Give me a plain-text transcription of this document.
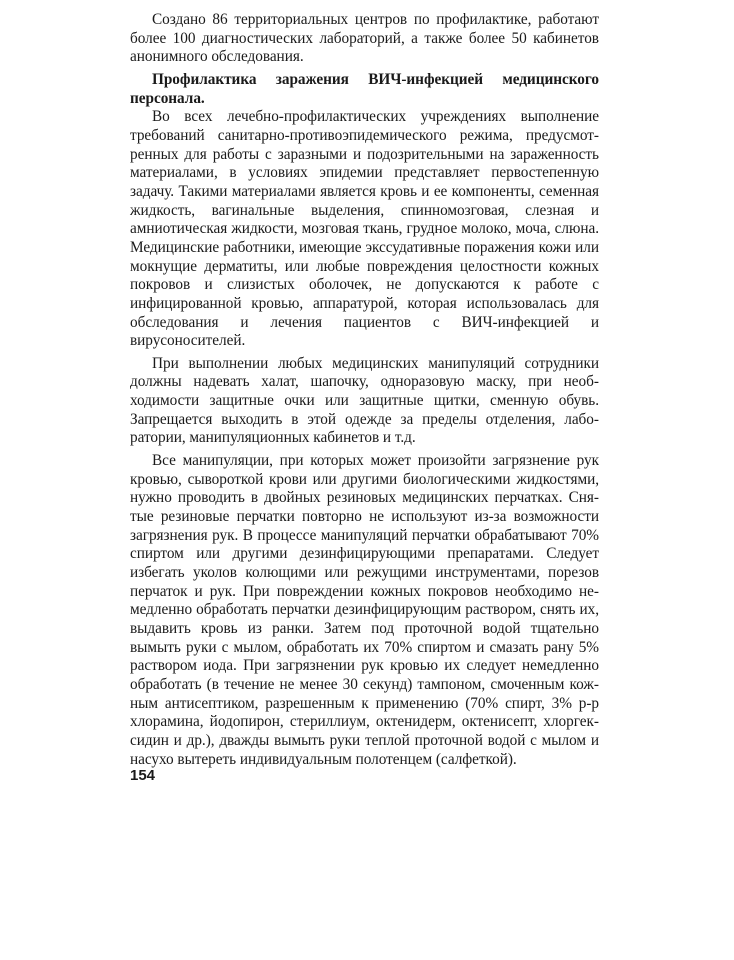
Создано 86 территориальных центров по профилактике, работают более 100 диагностических лабораторий, а также более 50 кабинетов анонимного обследования.

Профилактика заражения ВИЧ-инфекцией медицинского персонала.

Во всех лечебно-профилактических учреждениях выполнение требований санитарно-противоэпидемического режима, предусмотренных для работы с заразными и подозрительными на зараженность материалами, в условиях эпидемии представляет первостепенную задачу. Такими материалами является кровь и ее компоненты, семенная жидкость, вагинальные выделения, спинномозговая, слезная и амниотическая жидкости, мозговая ткань, грудное молоко, моча, слюна. Медицинские работники, имеющие экссудативные поражения кожи или мокнущие дерматиты, или любые повреждения целостности кожных покровов и слизистых оболочек, не допускаются к работе с инфицированной кровью, аппаратурой, которая использовалась для обследования и лечения пациентов с ВИЧ-инфекцией и вирусоносителей.

При выполнении любых медицинских манипуляций сотрудники должны надевать халат, шапочку, одноразовую маску, при необходимости защитные очки или защитные щитки, сменную обувь. Запрещается выходить в этой одежде за пределы отделения, лаборатории, манипуляционных кабинетов и т.д.

Все манипуляции, при которых может произойти загрязнение рук кровью, сывороткой крови или другими биологическими жидкостями, нужно проводить в двойных резиновых медицинских перчатках. Снятые резиновые перчатки повторно не используют из-за возможности загрязнения рук. В процессе манипуляций перчатки обрабатывают 70% спиртом или другими дезинфицирующими препаратами. Следует избегать уколов колющими или режущими инструментами, порезов перчаток и рук. При повреждении кожных покровов необходимо немедленно обработать перчатки дезинфицирующим раствором, снять их, выдавить кровь из ранки. Затем под проточной водой тщательно вымыть руки с мылом, обработать их 70% спиртом и смазать рану 5% раствором иода. При загрязнении рук кровью их следует немедленно обработать (в течение не менее 30 секунд) тампоном, смоченным кожным антисептиком, разрешенным к применению (70% спирт, 3% р-р хлорамина, йодопирон, стериллиум, октенидерм, октенисепт, хлоргексидин и др.), дважды вымыть руки теплой проточной водой с мылом и насухо вытереть индивидуальным полотенцем (салфеткой).

154
